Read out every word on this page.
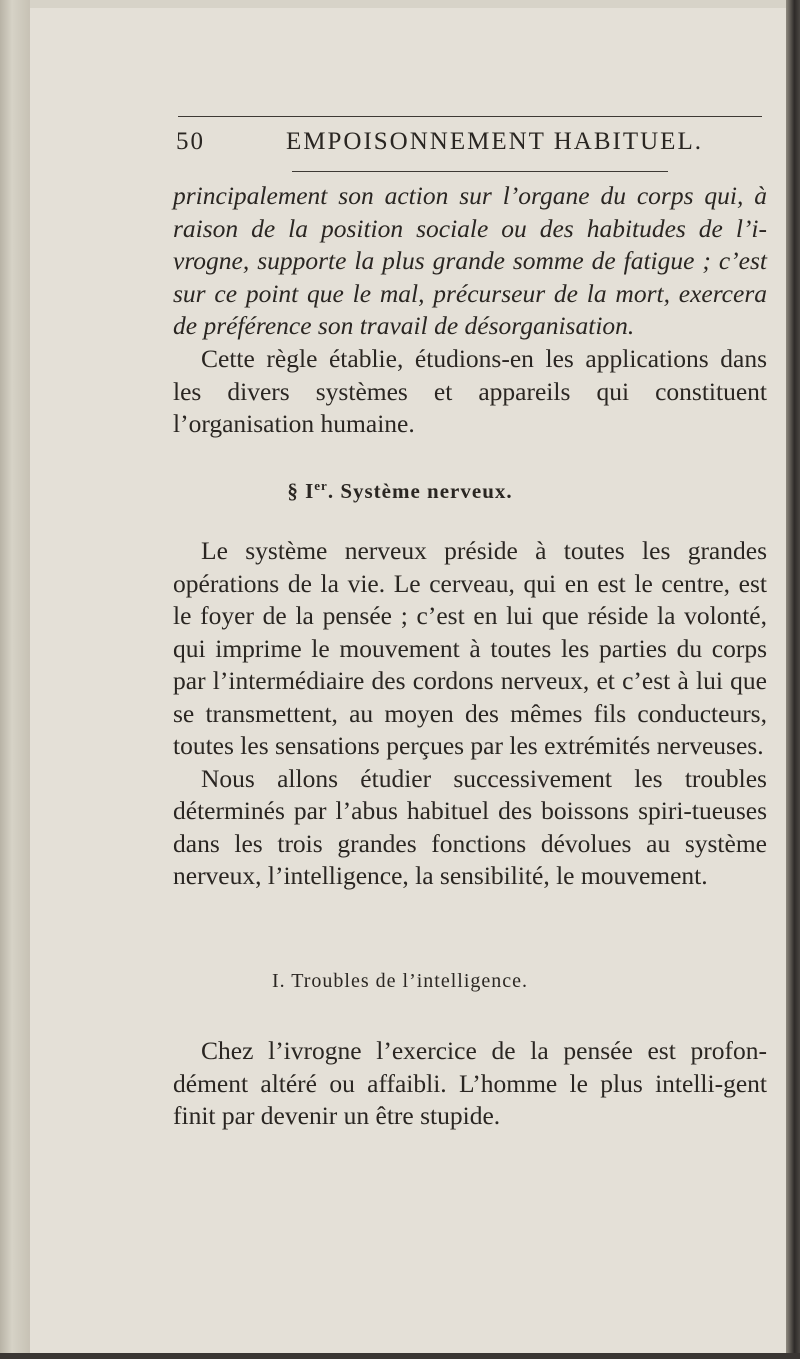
50	EMPOISONNEMENT HABITUEL.

principalement son action sur l’organe du corps qui, à raison de la position sociale ou des habitudes de l’i-vrogne, supporte la plus grande somme de fatigue ; c’est sur ce point que le mal, précurseur de la mort, exercera de préférence son travail de désorganisation.

Cette règle établie, étudions-en les applications dans les divers systèmes et appareils qui constituent l’organisation humaine.

§ Ier. Système nerveux.

Le système nerveux préside à toutes les grandes opérations de la vie. Le cerveau, qui en est le centre, est le foyer de la pensée ; c’est en lui que réside la volonté, qui imprime le mouvement à toutes les parties du corps par l’intermédiaire des cordons nerveux, et c’est à lui que se transmettent, au moyen des mêmes fils conducteurs, toutes les sensations perçues par les extrémités nerveuses.

Nous allons étudier successivement les troubles déterminés par l’abus habituel des boissons spiri-tueuses dans les trois grandes fonctions dévolues au système nerveux, l’intelligence, la sensibilité, le mouvement.

I. Troubles de l’intelligence.

Chez l’ivrogne l’exercice de la pensée est profon-dément altéré ou affaibli. L’homme le plus intelli-gent finit par devenir un être stupide.
